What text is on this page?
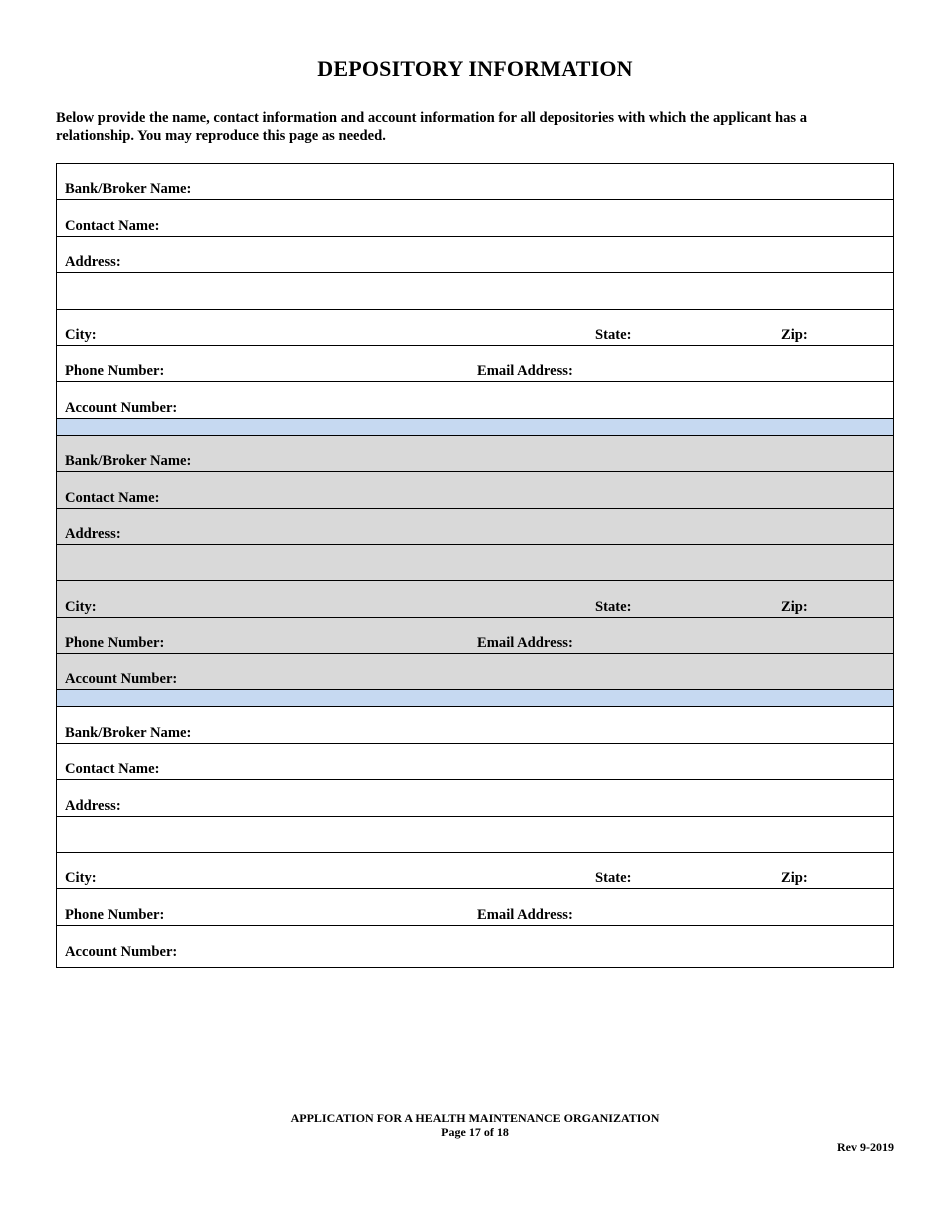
DEPOSITORY INFORMATION
Below provide the name, contact information and account information for all depositories with which the applicant has a relationship. You may reproduce this page as needed.
Bank/Broker Name:
Contact Name:
Address:
City:	State:	Zip:
Phone Number:	Email Address:
Account Number:
Bank/Broker Name:
Contact Name:
Address:
City:	State:	Zip:
Phone Number:	Email Address:
Account Number:
Bank/Broker Name:
Contact Name:
Address:
City:	State:	Zip:
Phone Number:	Email Address:
Account Number:
APPLICATION FOR A HEALTH MAINTENANCE ORGANIZATION
Page 17 of 18
Rev 9-2019
